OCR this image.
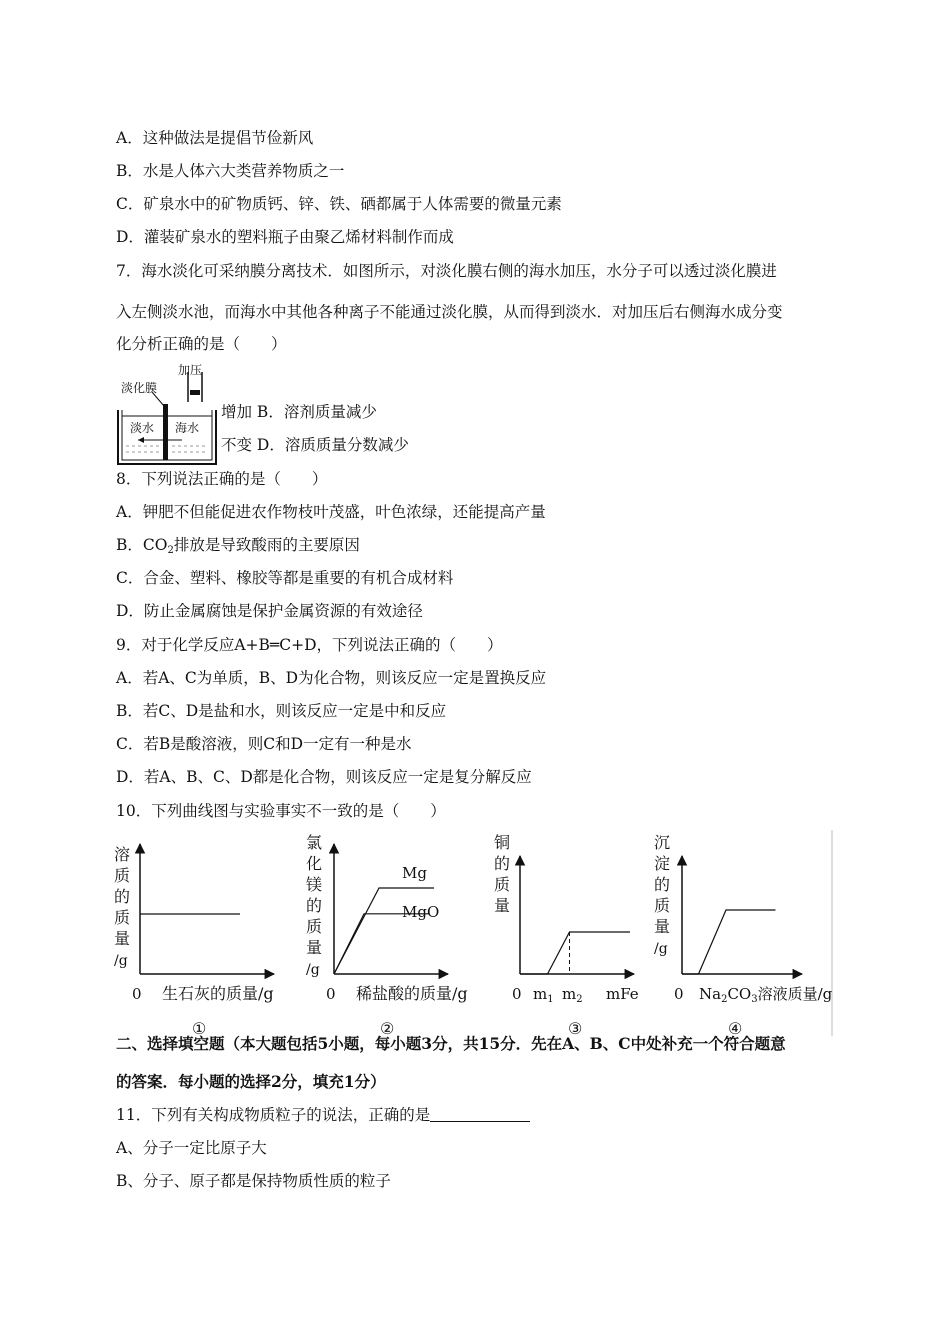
A．这种做法是提倡节俭新风
B．水是人体六大类营养物质之一
C．矿泉水中的矿物质钙、锌、铁、硒都属于人体需要的微量元素
D．灌装矿泉水的塑料瓶子由聚乙烯材料制作而成
7．海水淡化可采纳膜分离技术．如图所示，对淡化膜右侧的海水加压，水分子可以透过淡化膜进
入左侧淡水池，而海水中其他各种离子不能通过淡化膜，从而得到淡水．对加压后右侧海水成分变
化分析正确的是（　　）
淡化膜
加压
淡水 海水
增加 B．溶剂质量减少
不变 D．溶质质量分数减少
8．下列说法正确的是（　　）
A．钾肥不但能促进农作物枝叶茂盛，叶色浓绿，还能提高产量
B．$CO_2$排放是导致酸雨的主要原因
C．合金、塑料、橡胶等都是重要的有机合成材料
D．防止金属腐蚀是保护金属资源的有效途径
9．对于化学反应A+B═C+D，下列说法正确的（　　）
A．若A、C为单质，B、D为化合物，则该反应一定是置换反应
B．若C、D是盐和水，则该反应一定是中和反应
C．若B是酸溶液，则C和D一定有一种是水
D．若A、B、C、D都是化合物，则该反应一定是复分解反应
10．下列曲线图与实验事实不一致的是（　　）
溶
质
的
质
量
/g
0 生石灰的质量/g
①
氯
化
镁
的
质
量
/g
Mg
MgO
0 稀盐酸的质量/g
②
铜
的
质
量
0 $m_1$ $m_2$ mFe
③
沉
淀
的
质
量
/g
0 $Na_2CO_3$溶液质量/g
④
二、选择填空题（本大题包括5小题，每小题3分，共15分．先在A、B、C中处补充一个符合题意
的答案．每小题的选择2分，填充1分）
11．下列有关构成物质粒子的说法，正确的是
A、分子一定比原子大
B、分子、原子都是保持物质性质的粒子
